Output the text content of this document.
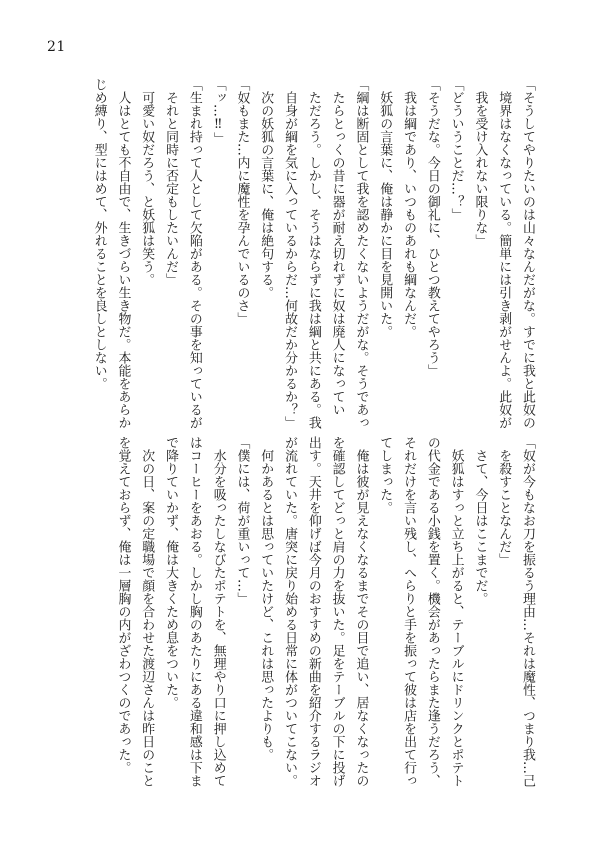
21
「そうしてやりたいのは山々なんだがな。すでに我と此奴の
　境界はなくなっている。簡単には引き剥がせんよ。此奴が
　我を受け入れない限りな」
「どういうことだ…？」
「そうだな。今日の御礼に、ひとつ教えてやろう」
　我は綱であり、いつものあれも綱なんだ。
　妖狐の言葉に、俺は静かに目を見開いた。
「綱は断固として我を認めたくないようだがな。そうであっ
　たらとっくの昔に器が耐え切れずに奴は廃人になってい
　ただろう。しかし、そうはならずに我は綱と共にある。我
　自身が綱を気に入っているからだ…何故だか分かるか？」
　次の妖狐の言葉に、俺は絶句する。
「奴もまた…内に魔性を孕んでいるのさ」
「ッ…‼」
「生まれ持って人として欠陥がある。その事を知っているが
　それと同時に否定もしたいんだ」
　可愛い奴だろう、と妖狐は笑う。
　人はとても不自由で、生きづらい生き物だ。本能をあらか
じめ縛り、型にはめて、外れることを良しとしない。
「奴が今もなお刀を振るう理由…それは魔性、つまり我…己
　を殺すことなんだ」
　さて、今日はここまでだ。
　妖狐はすっと立ち上がると、テーブルにドリンクとポテト
の代金である小銭を置く。機会があったらまた逢うだろう、
それだけを言い残し、へらりと手を振って彼は店を出て行っ
てしまった。
　俺は彼が見えなくなるまでその目で追い、居なくなったの
を確認してどっと肩の力を抜いた。足をテーブルの下に投げ
出す。天井を仰げば今月のおすすめの新曲を紹介するラジオ
が流れていた。唐突に戻り始める日常に体がついてこない。
　何かあるとは思っていたけど、これは思ったよりも。
「僕には、荷が重いって…」
　水分を吸ったしなびたポテトを、無理やり口に押し込めて
はコーヒーをあおる。しかし胸のあたりにある違和感は下ま
で降りていかず、俺は大きくため息をついた。
　次の日、案の定職場で顔を合わせた渡辺さんは昨日のこと
を覚えておらず、俺は一層胸の内がざわつくのであった。
